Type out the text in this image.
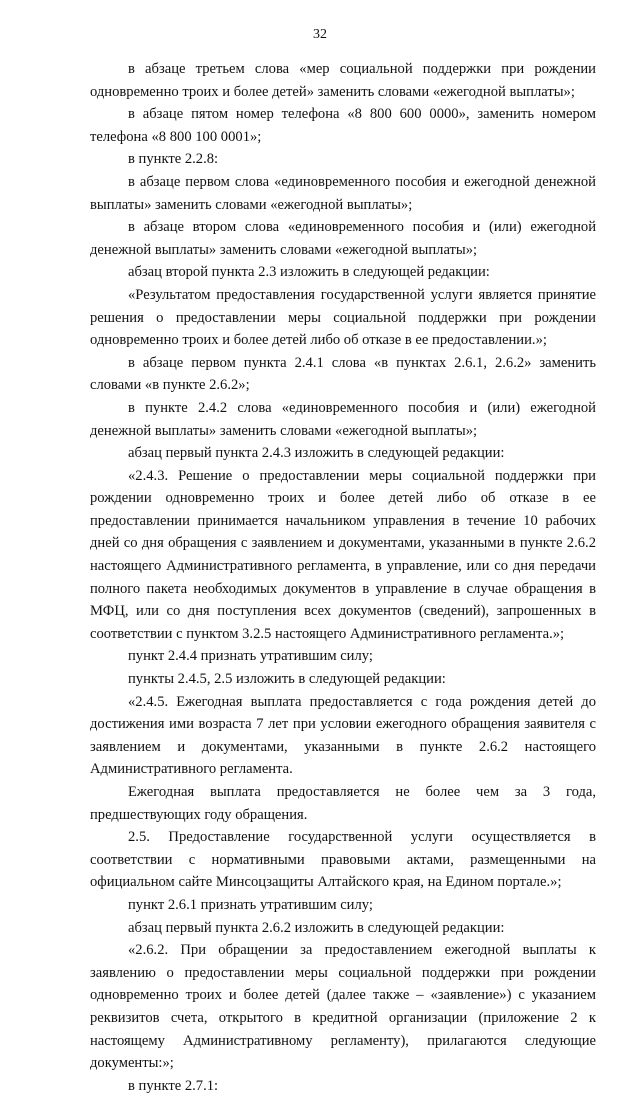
32

в абзаце третьем слова «мер социальной поддержки при рождении одновременно троих и более детей» заменить словами «ежегодной выплаты»;

в абзаце пятом номер телефона «8 800 600 0000», заменить номером телефона «8 800 100 0001»;

в пункте 2.2.8:

в абзаце первом слова «единовременного пособия и ежегодной денежной выплаты» заменить словами «ежегодной выплаты»;

в абзаце втором слова «единовременного пособия и (или) ежегодной денежной выплаты» заменить словами «ежегодной выплаты»;

абзац второй пункта 2.3 изложить в следующей редакции:

«Результатом предоставления государственной услуги является принятие решения о предоставлении меры социальной поддержки при рождении одновременно троих и более детей либо об отказе в ее предоставлении.»;

в абзаце первом пункта 2.4.1 слова «в пунктах 2.6.1, 2.6.2» заменить словами «в пункте 2.6.2»;

в пункте 2.4.2 слова «единовременного пособия и (или) ежегодной денежной выплаты» заменить словами «ежегодной выплаты»;

абзац первый пункта 2.4.3 изложить в следующей редакции:

«2.4.3. Решение о предоставлении меры социальной поддержки при рождении одновременно троих и более детей либо об отказе в ее предоставлении принимается начальником управления в течение 10 рабочих дней со дня обращения с заявлением и документами, указанными в пункте 2.6.2 настоящего Административного регламента, в управление, или со дня передачи полного пакета необходимых документов в управление в случае обращения в МФЦ, или со дня поступления всех документов (сведений), запрошенных в соответствии с пунктом 3.2.5 настоящего Административного регламента.»;

пункт 2.4.4 признать утратившим силу;

пункты 2.4.5, 2.5 изложить в следующей редакции:

«2.4.5. Ежегодная выплата предоставляется с года рождения детей до достижения ими возраста 7 лет при условии ежегодного обращения заявителя с заявлением и документами, указанными в пункте 2.6.2 настоящего Административного регламента.

Ежегодная выплата предоставляется не более чем за 3 года, предшествующих году обращения.

2.5. Предоставление государственной услуги осуществляется в соответствии с нормативными правовыми актами, размещенными на официальном сайте Минсоцзащиты Алтайского края, на Едином портале.»;

пункт 2.6.1 признать утратившим силу;

абзац первый пункта 2.6.2 изложить в следующей редакции:

«2.6.2. При обращении за предоставлением ежегодной выплаты к заявлению о предоставлении меры социальной поддержки при рождении одновременно троих и более детей (далее также – «заявление») с указанием реквизитов счета, открытого в кредитной организации (приложение 2 к настоящему Административному регламенту), прилагаются следующие документы:»;

в пункте 2.7.1:
